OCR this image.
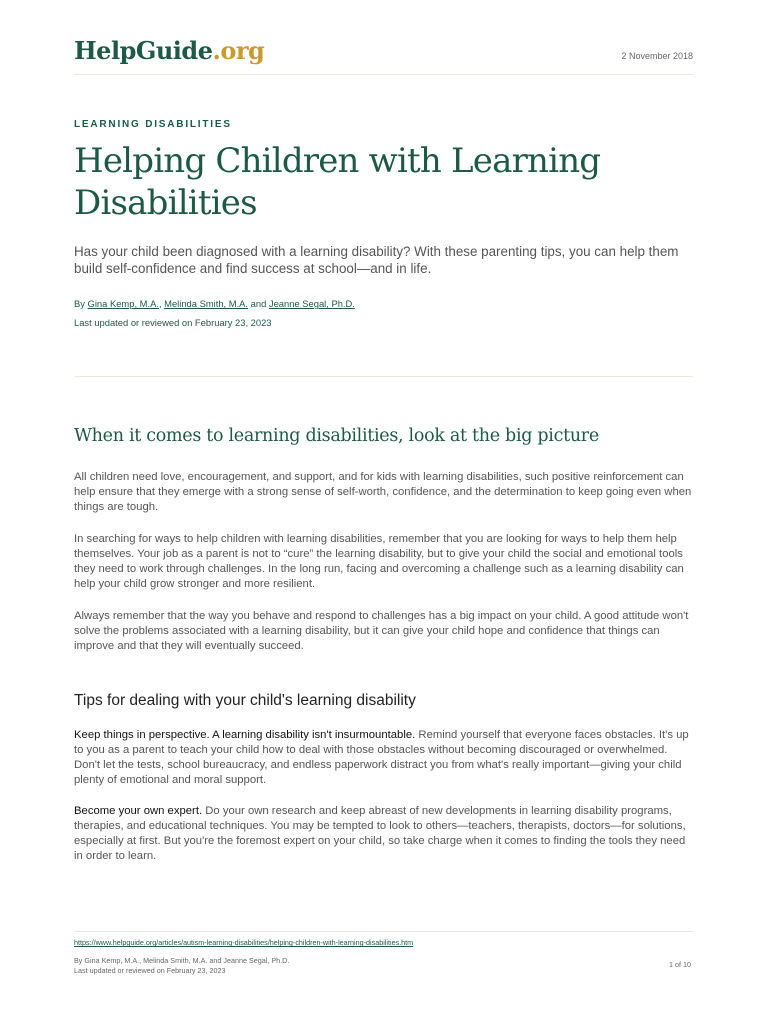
HelpGuide.org	2 November 2018
LEARNING DISABILITIES
Helping Children with Learning Disabilities

Has your child been diagnosed with a learning disability? With these parenting tips, you can help them build self-confidence and find success at school—and in life.

By Gina Kemp, M.A., Melinda Smith, M.A. and Jeanne Segal, Ph.D.
Last updated or reviewed on February 23, 2023
When it comes to learning disabilities, look at the big picture

All children need love, encouragement, and support, and for kids with learning disabilities, such positive reinforcement can help ensure that they emerge with a strong sense of self-worth, confidence, and the determination to keep going even when things are tough.

In searching for ways to help children with learning disabilities, remember that you are looking for ways to help them help themselves. Your job as a parent is not to “cure” the learning disability, but to give your child the social and emotional tools they need to work through challenges. In the long run, facing and overcoming a challenge such as a learning disability can help your child grow stronger and more resilient.

Always remember that the way you behave and respond to challenges has a big impact on your child. A good attitude won't solve the problems associated with a learning disability, but it can give your child hope and confidence that things can improve and that they will eventually succeed.

Tips for dealing with your child's learning disability

Keep things in perspective. A learning disability isn't insurmountable. Remind yourself that everyone faces obstacles. It's up to you as a parent to teach your child how to deal with those obstacles without becoming discouraged or overwhelmed. Don't let the tests, school bureaucracy, and endless paperwork distract you from what's really important—giving your child plenty of emotional and moral support.

Become your own expert. Do your own research and keep abreast of new developments in learning disability programs, therapies, and educational techniques. You may be tempted to look to others—teachers, therapists, doctors—for solutions, especially at first. But you're the foremost expert on your child, so take charge when it comes to finding the tools they need in order to learn.

https://www.helpguide.org/articles/autism-learning-disabilities/helping-children-with-learning-disabilities.htm
By Gina Kemp, M.A., Melinda Smith, M.A. and Jeanne Segal, Ph.D.
Last updated or reviewed on February 23, 2023
1 of 10
